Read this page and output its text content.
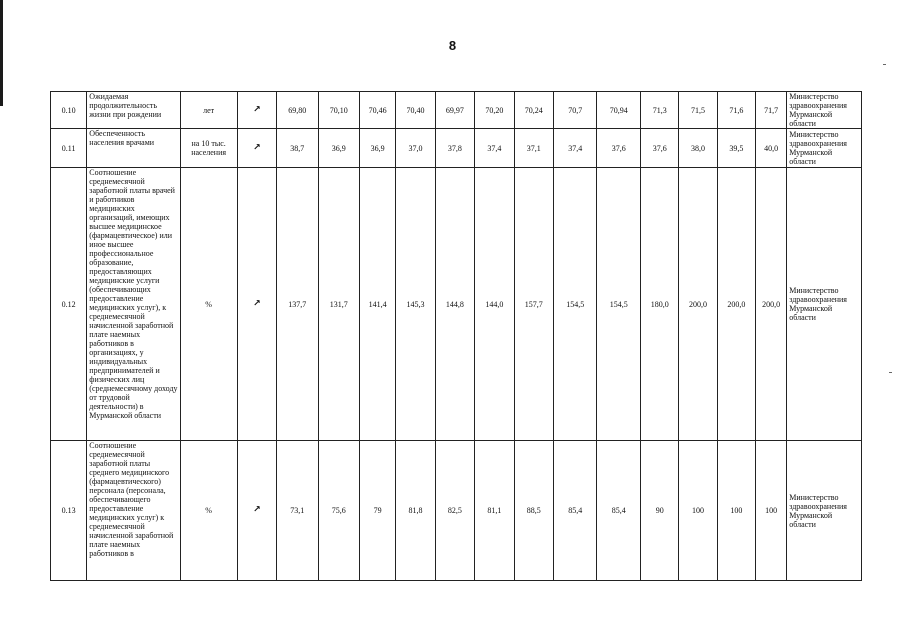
8
0.10	Ожидаемая продолжительность жизни при рождении	лет	↗	69,80	70,10	70,46	70,40	69,97	70,20	70,24	70,7	70,94	71,3	71,5	71,6	71,7	Министерство здравоохранения Мурманской области
0.11	Обеспеченность населения врачами	на 10 тыс. населения	↗	38,7	36,9	36,9	37,0	37,8	37,4	37,1	37,4	37,6	37,6	38,0	39,5	40,0	Министерство здравоохранения Мурманской области
0.12	Соотношение среднемесячной заработной платы врачей и работников медицинских организаций, имеющих высшее медицинское (фармацевтическое) или иное высшее профессиональное образование, предоставляющих медицинские услуги (обеспечивающих предоставление медицинских услуг), к среднемесячной начисленной заработной плате наемных работников в организациях, у индивидуальных предпринимателей и физических лиц (среднемесячному доходу от трудовой деятельности) в Мурманской области	%	↗	137,7	131,7	141,4	145,3	144,8	144,0	157,7	154,5	154,5	180,0	200,0	200,0	200,0	Министерство здравоохранения Мурманской области
0.13	Соотношение среднемесячной заработной платы среднего медицинского (фармацевтического) персонала (персонала, обеспечивающего предоставление медицинских услуг) к среднемесячной начисленной заработной плате наемных работников в	%	↗	73,1	75,6	79	81,8	82,5	81,1	88,5	85,4	85,4	90	100	100	100	Министерство здравоохранения Мурманской области
